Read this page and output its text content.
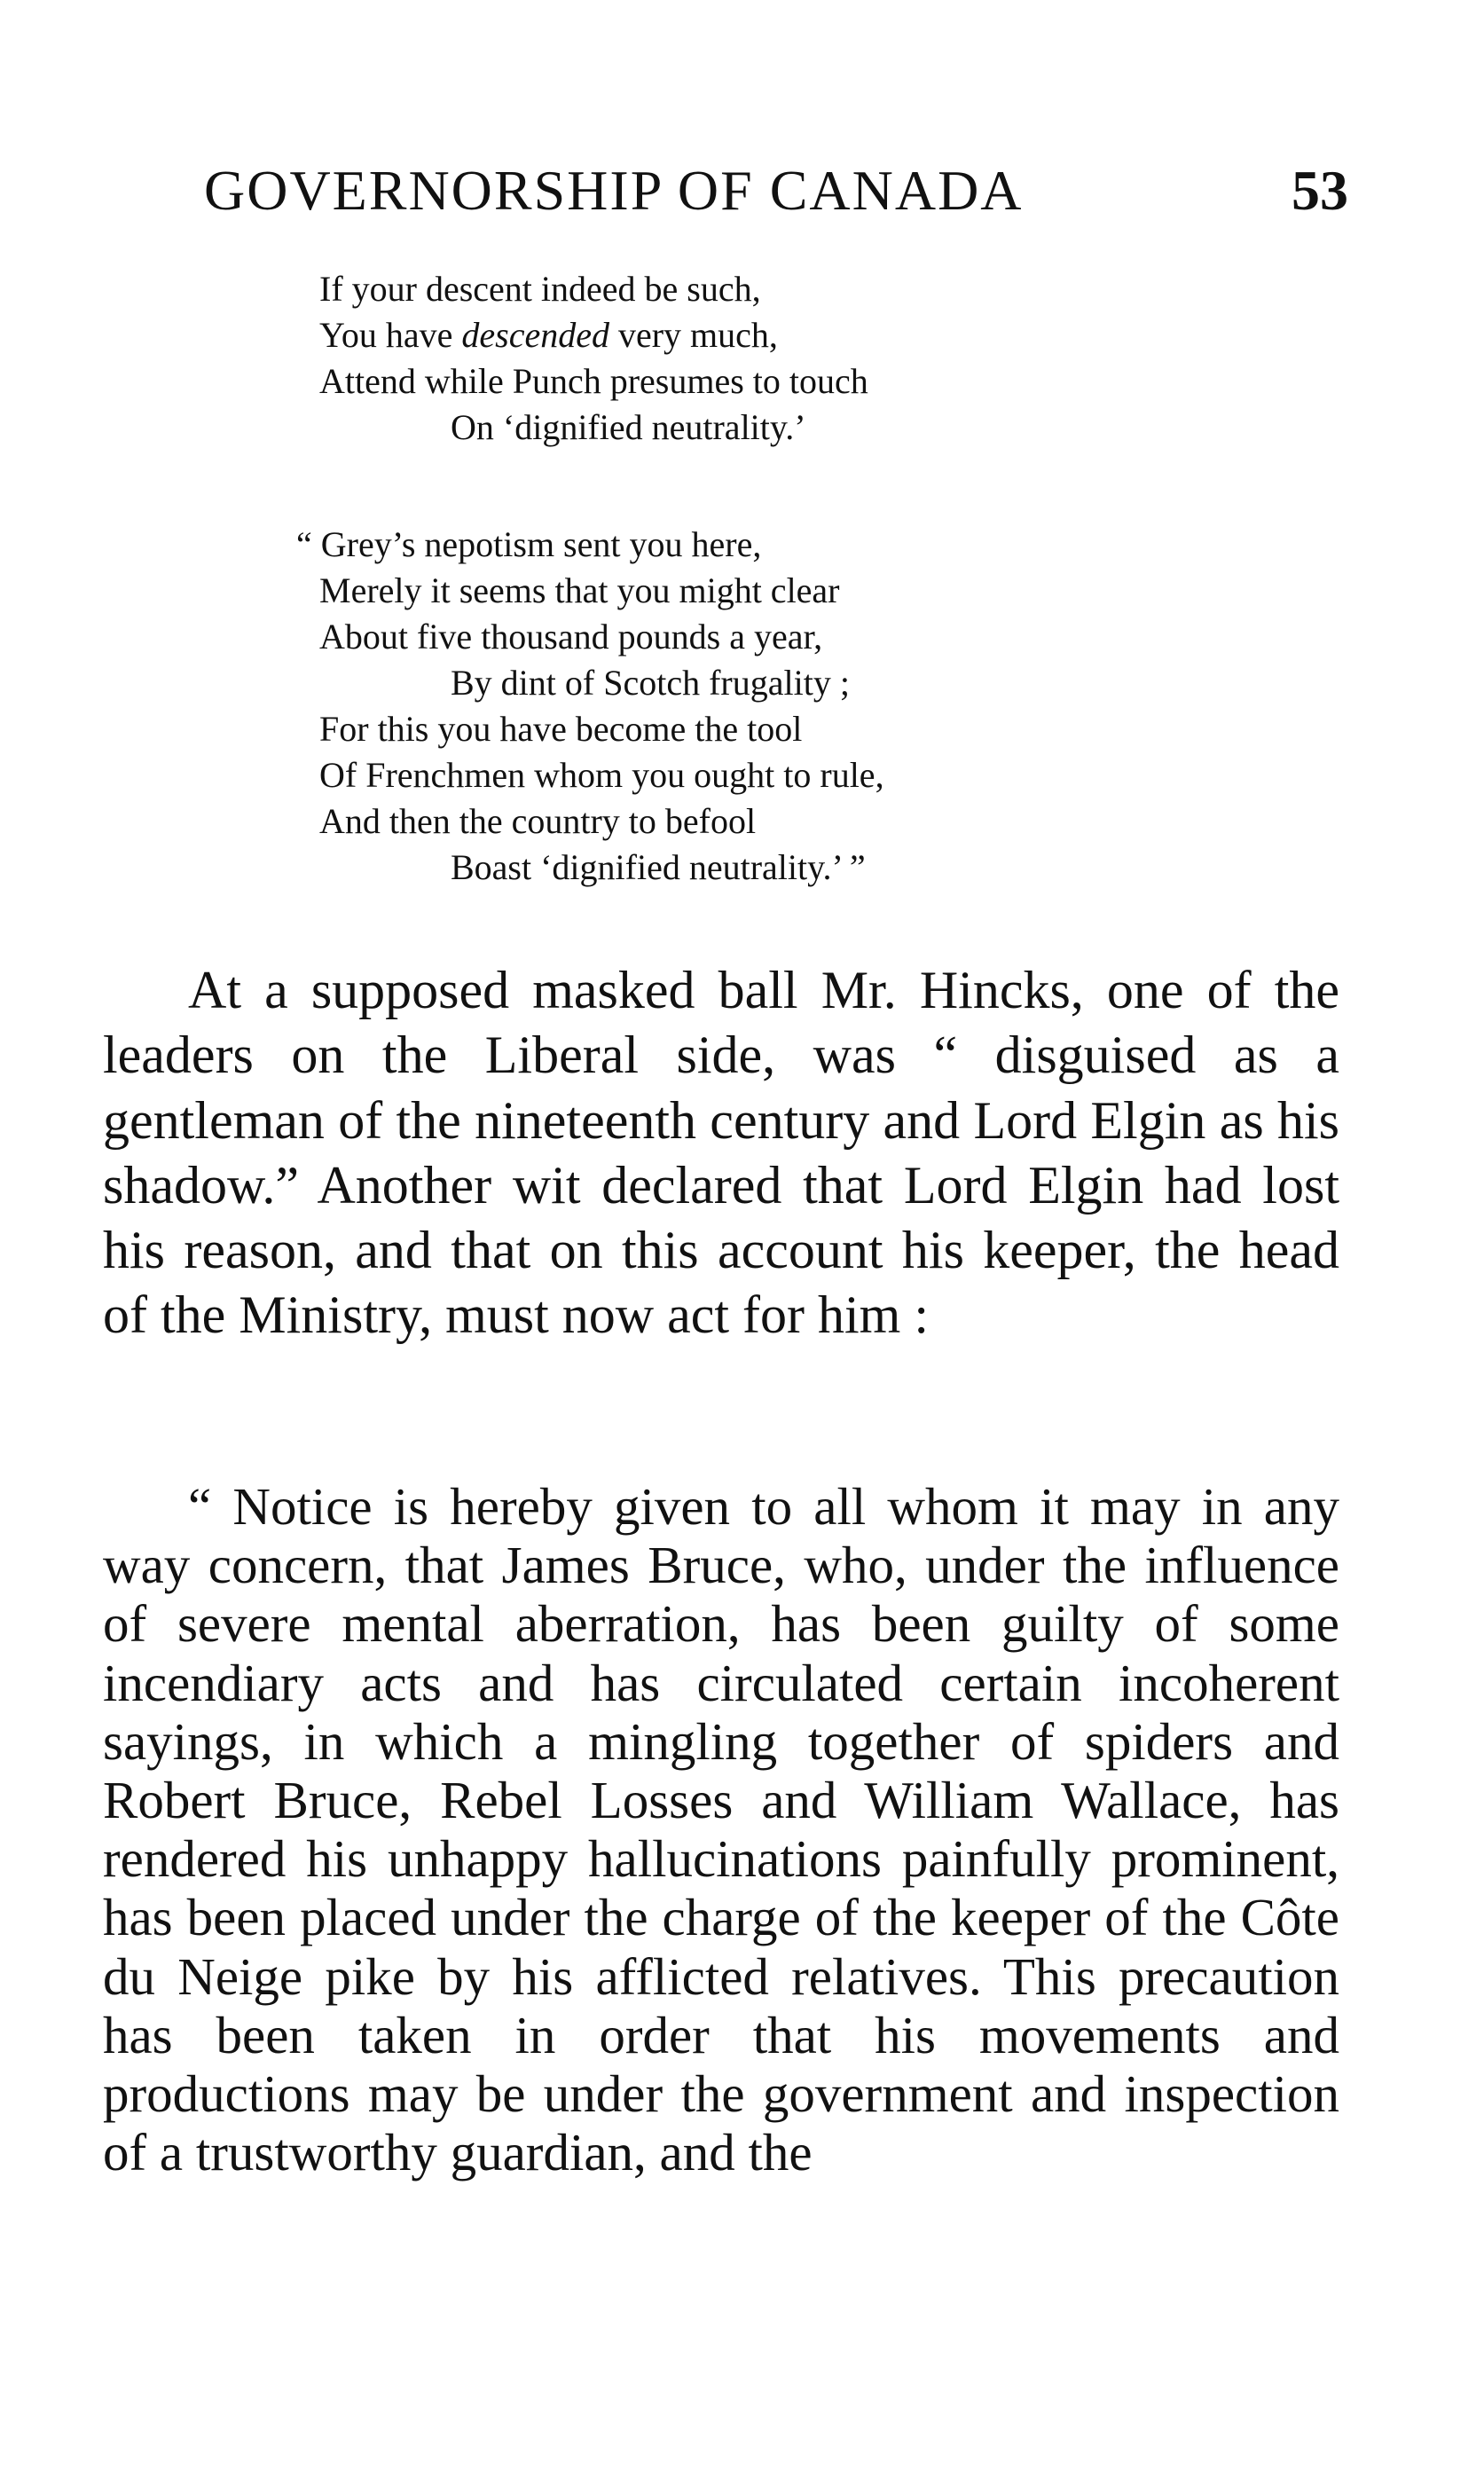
GOVERNORSHIP OF CANADA	53
If your descent indeed be such,
You have descended very much,
Attend while Punch presumes to touch
On ‘dignified neutrality.’
“ Grey’s nepotism sent you here,
Merely it seems that you might clear
About five thousand pounds a year,
By dint of Scotch frugality ;
For this you have become the tool
Of Frenchmen whom you ought to rule,
And then the country to befool
Boast ‘dignified neutrality.’ ”

At a supposed masked ball Mr. Hincks, one of the leaders on the Liberal side, was “ disguised as a gentleman of the nineteenth century and Lord Elgin as his shadow.” Another wit declared that Lord Elgin had lost his reason, and that on this account his keeper, the head of the Ministry, must now act for him :

“ Notice is hereby given to all whom it may in any way concern, that James Bruce, who, under the influence of severe mental aberration, has been guilty of some incendiary acts and has circulated certain incoherent sayings, in which a mingling together of spiders and Robert Bruce, Rebel Losses and William Wallace, has rendered his unhappy hallucinations painfully prominent, has been placed under the charge of the keeper of the Côte du Neige pike by his afflicted relatives. This precaution has been taken in order that his movements and productions may be under the government and inspection of a trustworthy guardian, and the
